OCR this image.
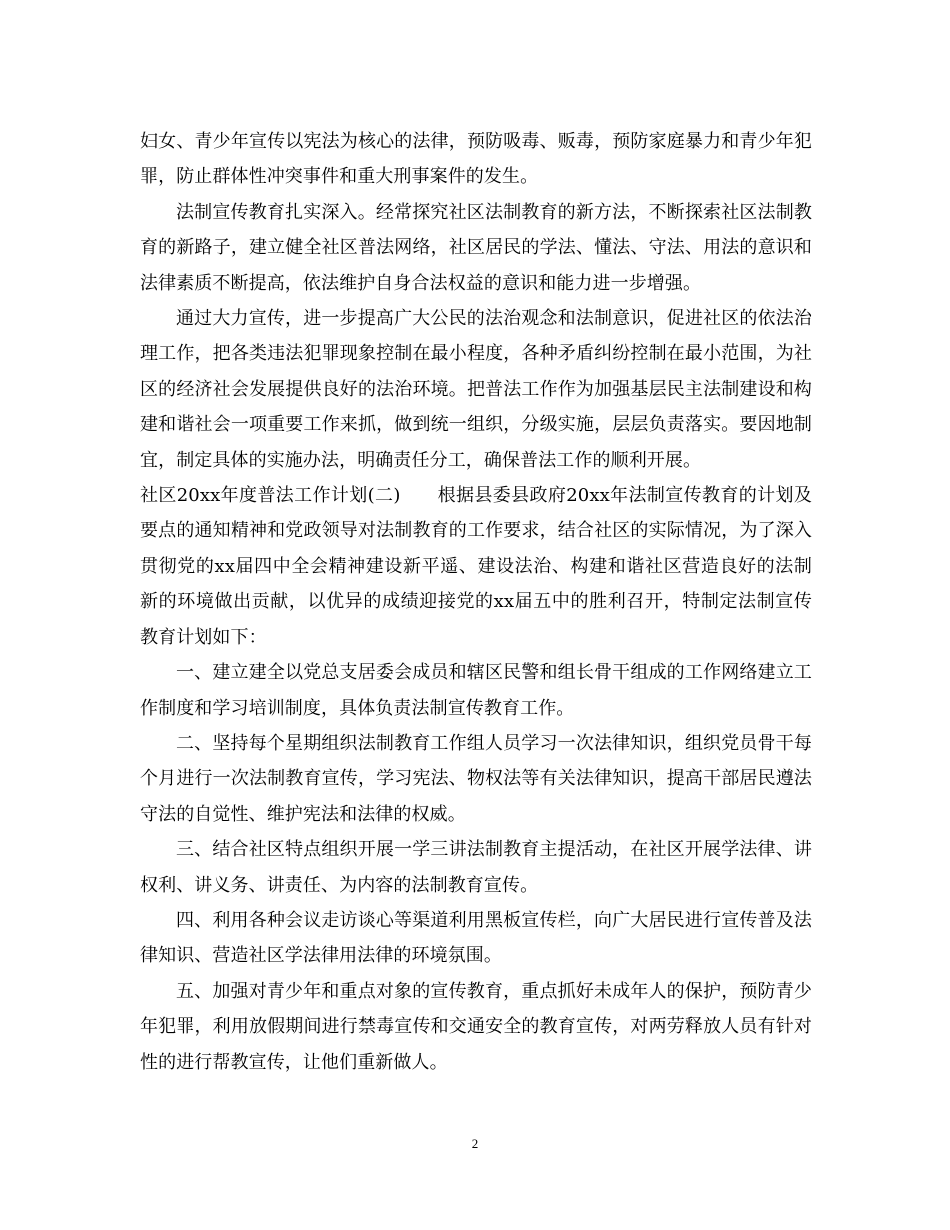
妇女、青少年宣传以宪法为核心的法律，预防吸毒、贩毒，预防家庭暴力和青少年犯罪，防止群体性冲突事件和重大刑事案件的发生。

法制宣传教育扎实深入。经常探究社区法制教育的新方法，不断探索社区法制教育的新路子，建立健全社区普法网络，社区居民的学法、懂法、守法、用法的意识和法律素质不断提高，依法维护自身合法权益的意识和能力进一步增强。

通过大力宣传，进一步提高广大公民的法治观念和法制意识，促进社区的依法治理工作，把各类违法犯罪现象控制在最小程度，各种矛盾纠纷控制在最小范围，为社区的经济社会发展提供良好的法治环境。把普法工作作为加强基层民主法制建设和构建和谐社会一项重要工作来抓，做到统一组织，分级实施，层层负责落实。要因地制宜，制定具体的实施办法，明确责任分工，确保普法工作的顺利开展。

社区20xx年度普法工作计划(二)　　根据县委县政府20xx年法制宣传教育的计划及要点的通知精神和党政领导对法制教育的工作要求，结合社区的实际情况，为了深入贯彻党的xx届四中全会精神建设新平遥、建设法治、构建和谐社区营造良好的法制新的环境做出贡献，以优异的成绩迎接党的xx届五中的胜利召开，特制定法制宣传教育计划如下：

一、建立建全以党总支居委会成员和辖区民警和组长骨干组成的工作网络建立工作制度和学习培训制度，具体负责法制宣传教育工作。

二、坚持每个星期组织法制教育工作组人员学习一次法律知识，组织党员骨干每个月进行一次法制教育宣传，学习宪法、物权法等有关法律知识，提高干部居民遵法守法的自觉性、维护宪法和法律的权威。

三、结合社区特点组织开展一学三讲法制教育主提活动，在社区开展学法律、讲权利、讲义务、讲责任、为内容的法制教育宣传。

四、利用各种会议走访谈心等渠道利用黑板宣传栏，向广大居民进行宣传普及法律知识、营造社区学法律用法律的环境氛围。

五、加强对青少年和重点对象的宣传教育，重点抓好未成年人的保护，预防青少年犯罪，利用放假期间进行禁毒宣传和交通安全的教育宣传，对两劳释放人员有针对性的进行帮教宣传，让他们重新做人。

2
